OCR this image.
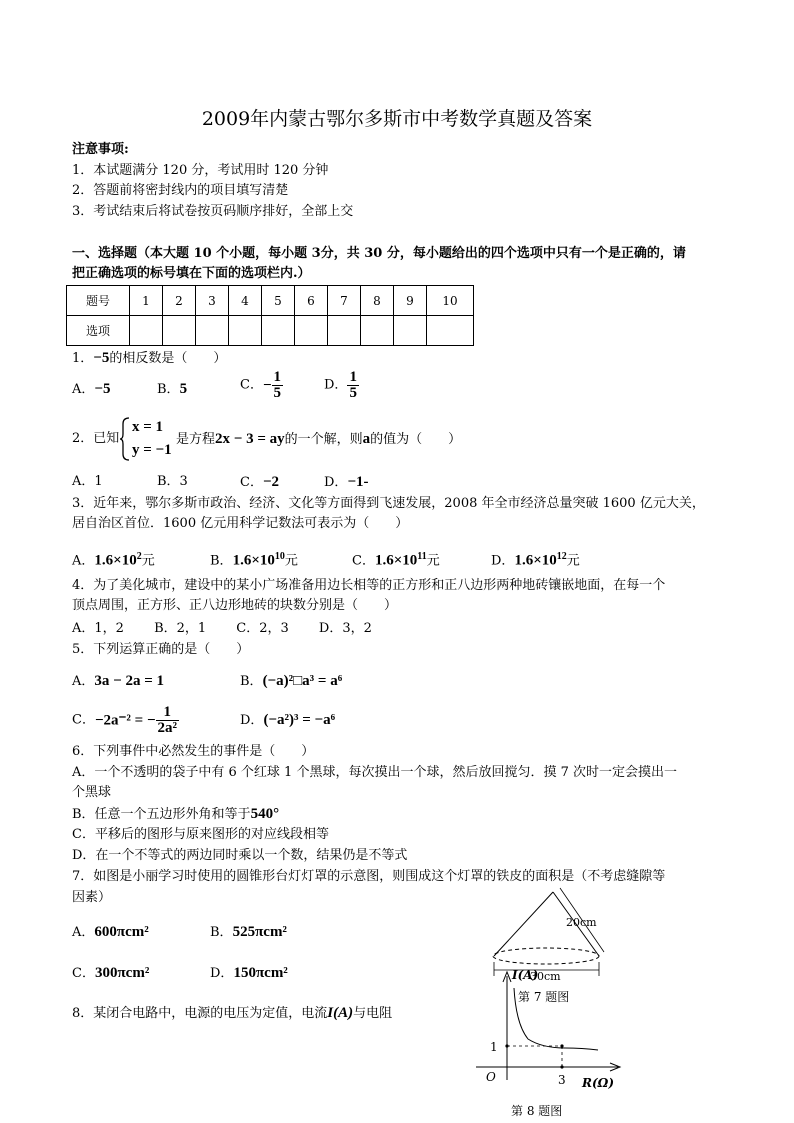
2009年内蒙古鄂尔多斯市中考数学真题及答案
注意事项:
1．本试题满分 120 分，考试用时 120 分钟
2．答题前将密封线内的项目填写清楚
3．考试结束后将试卷按页码顺序排好，全部上交
一、选择题（本大题 10 个小题，每小题 3分，共 30 分，每小题给出的四个选项中只有一个是正确的，请
把正确选项的标号填在下面的选项栏内.）
题号	1	2	3	4	5	6	7	8	9	10
选项										
1．−5的相反数是（　　）
A．−5	B．5	C．− $\frac{1}{5}$	D． $\frac{1}{5}$
2．已知
x = 1
y = −1
是方程2x − 3 = ay的一个解，则a的值为（　　）
A．1	B．3	C．−2	D．−1-
3．近年来，鄂尔多斯市政治、经济、文化等方面得到飞速发展，2008 年全市经济总量突破 1600 亿元大关，
居自治区首位．1600 亿元用科学记数法可表示为（　　）
A．$1.6\times 10^2$元	B．$1.6\times 10^{10}$元	C．$1.6\times 10^{11}$元	D．$1.6\times 10^{12}$元
4．为了美化城市，建设中的某小广场准备用边长相等的正方形和正八边形两种地砖镶嵌地面，在每一个
顶点周围，正方形、正八边形地砖的块数分别是（　　）
A．1，2　　 B．2，1　　 C．2，3　　 D．3，2
5．下列运算正确的是（　　）
A．3a − 2a = 1	B．(−a)²□a³ = a⁶
C．−2a⁻² = − $\frac{1}{\text{2a²}}$	D．(−a²)³ = −a⁶
6．下列事件中必然发生的事件是（　　）
A．一个不透明的袋子中有 6 个红球 1 个黑球，每次摸出一个球，然后放回搅匀．摸 7 次时一定会摸出一
个黑球
B．任意一个五边形外角和等于540°
C．平移后的图形与原来图形的对应线段相等
D．在一个不等式的两边同时乘以一个数，结果仍是不等式
7．如图是小丽学习时使用的圆锥形台灯灯罩的示意图，则围成这个灯罩的铁皮的面积是（不考虑缝隙等
因素）
A．600πcm²	B．525πcm²
C．300πcm²	D．150πcm²
20cm
30cm
第 7 题图
8．某闭合电路中，电源的电压为定值，电流I(A)与电阻
I(A)
R(Ω)
O
1
3
第 8 题图
